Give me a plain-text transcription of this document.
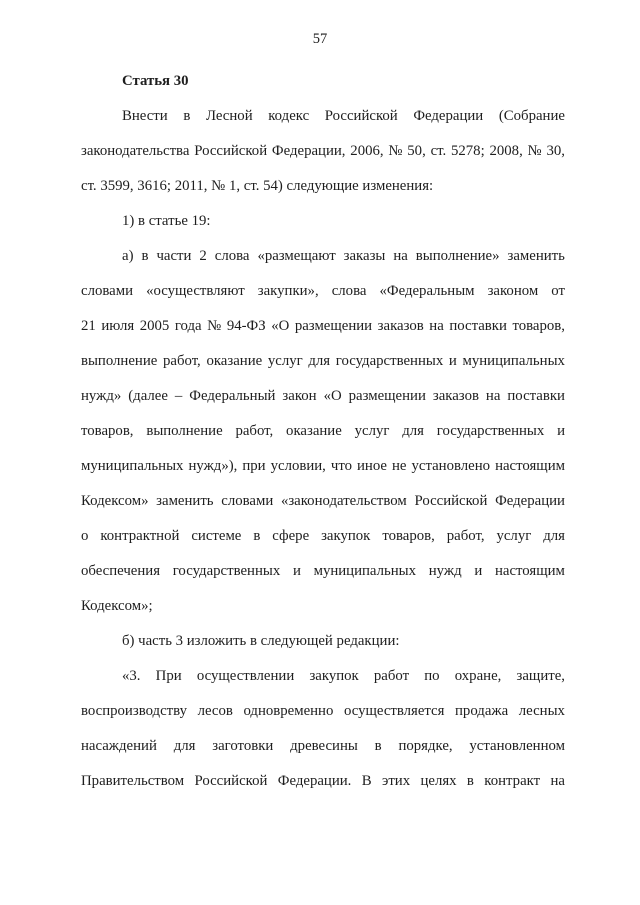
57
Статья 30
Внести в Лесной кодекс Российской Федерации (Собрание
законодательства Российской Федерации, 2006, № 50, ст. 5278; 2008, № 30,
ст. 3599, 3616; 2011, № 1, ст. 54) следующие изменения:
1) в статье 19:
а) в части 2 слова «размещают заказы на выполнение» заменить
словами «осуществляют закупки», слова «Федеральным законом от
21 июля 2005 года № 94-ФЗ «О размещении заказов на поставки товаров,
выполнение работ, оказание услуг для государственных и муниципальных
нужд» (далее – Федеральный закон «О размещении заказов на поставки
товаров, выполнение работ, оказание услуг для государственных и
муниципальных нужд»), при условии, что иное не установлено настоящим
Кодексом» заменить словами «законодательством Российской Федерации
о контрактной системе в сфере закупок товаров, работ, услуг для
обеспечения государственных и муниципальных нужд и настоящим
Кодексом»;
б) часть 3 изложить в следующей редакции:
«3. При осуществлении закупок работ по охране, защите,
воспроизводству лесов одновременно осуществляется продажа лесных
насаждений для заготовки древесины в порядке, установленном
Правительством Российской Федерации. В этих целях в контракт на
